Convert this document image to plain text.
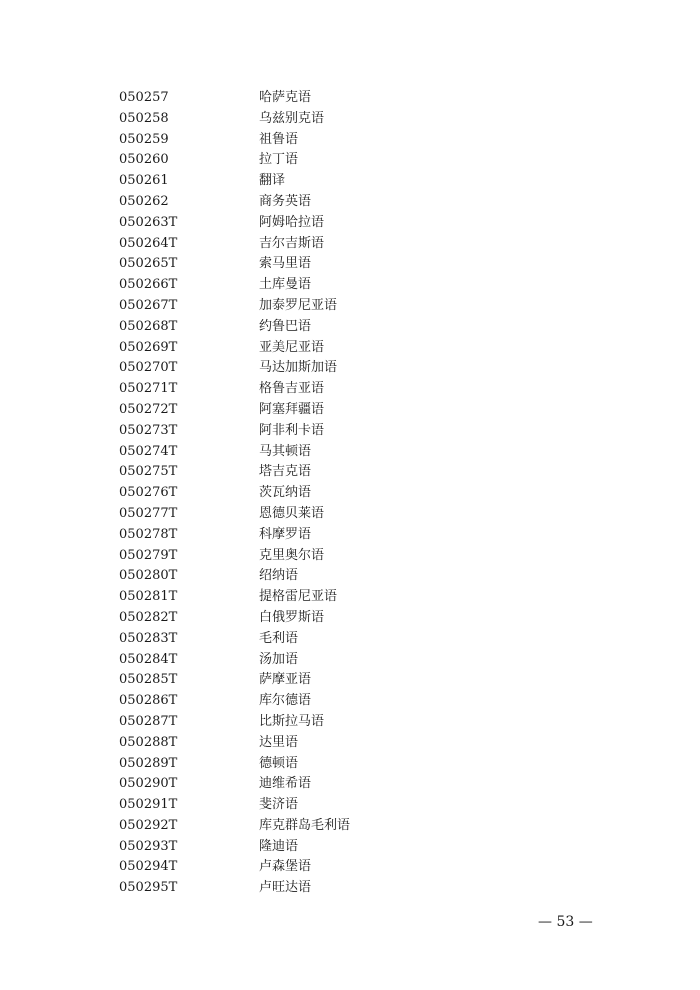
050257	哈萨克语
050258	乌兹别克语
050259	祖鲁语
050260	拉丁语
050261	翻译
050262	商务英语
050263T	阿姆哈拉语
050264T	吉尔吉斯语
050265T	索马里语
050266T	土库曼语
050267T	加泰罗尼亚语
050268T	约鲁巴语
050269T	亚美尼亚语
050270T	马达加斯加语
050271T	格鲁吉亚语
050272T	阿塞拜疆语
050273T	阿非利卡语
050274T	马其顿语
050275T	塔吉克语
050276T	茨瓦纳语
050277T	恩德贝莱语
050278T	科摩罗语
050279T	克里奥尔语
050280T	绍纳语
050281T	提格雷尼亚语
050282T	白俄罗斯语
050283T	毛利语
050284T	汤加语
050285T	萨摩亚语
050286T	库尔德语
050287T	比斯拉马语
050288T	达里语
050289T	德顿语
050290T	迪维希语
050291T	斐济语
050292T	库克群岛毛利语
050293T	隆迪语
050294T	卢森堡语
050295T	卢旺达语
— 53 —
